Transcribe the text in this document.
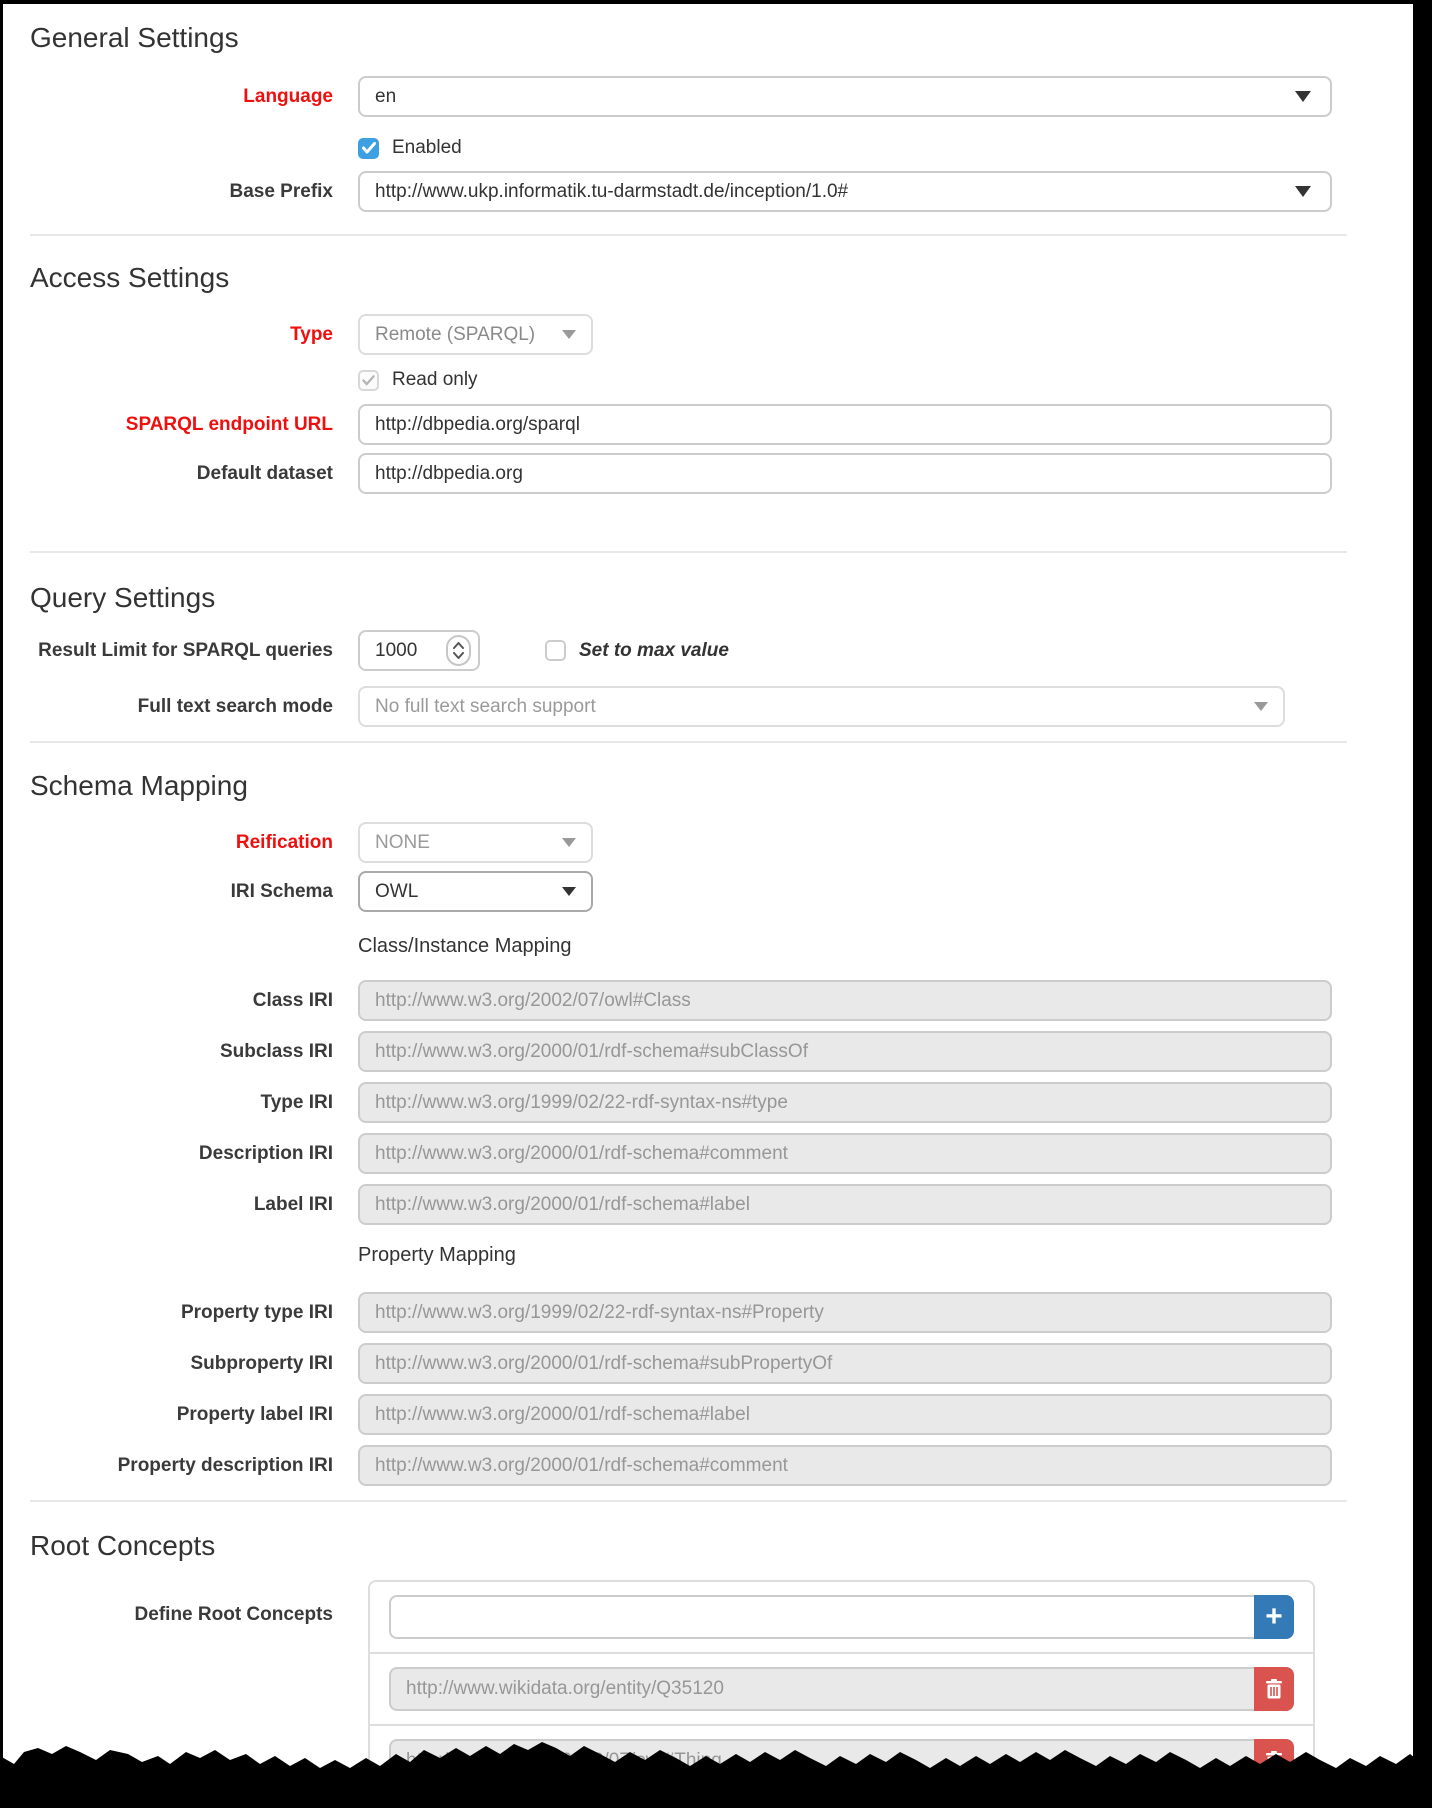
General Settings
Language
en
Enabled
Base Prefix
http://www.ukp.informatik.tu-darmstadt.de/inception/1.0#
Access Settings
Type Remote (SPARQL)
Read only
SPARQL endpoint URL
http://dbpedia.org/sparql
Default dataset
http://dbpedia.org
Query Settings
Result Limit for SPARQL queries
1000	Set to max value
Full text search mode No full text search support
Schema Mapping
Reification NONE
IRI Schema OWL
Class/Instance Mapping
Class IRI
http://www.w3.org/2002/07/owl#Class
Subclass IRI
http://www.w3.org/2000/01/rdf-schema#subClassOf
Type IRI
http://www.w3.org/1999/02/22-rdf-syntax-ns#type
Description IRI
http://www.w3.org/2000/01/rdf-schema#comment
Label IRI
http://www.w3.org/2000/01/rdf-schema#label
Property Mapping
Property type IRI
http://www.w3.org/1999/02/22-rdf-syntax-ns#Property
Subproperty IRI
http://www.w3.org/2000/01/rdf-schema#subPropertyOf
Property label IRI
http://www.w3.org/2000/01/rdf-schema#label
Property description IRI
http://www.w3.org/2000/01/rdf-schema#comment
Root Concepts
Define Root Concepts	+
http://www.wikidata.org/entity/Q35120
http://www.w3.org/2002/07/owl#Thing
